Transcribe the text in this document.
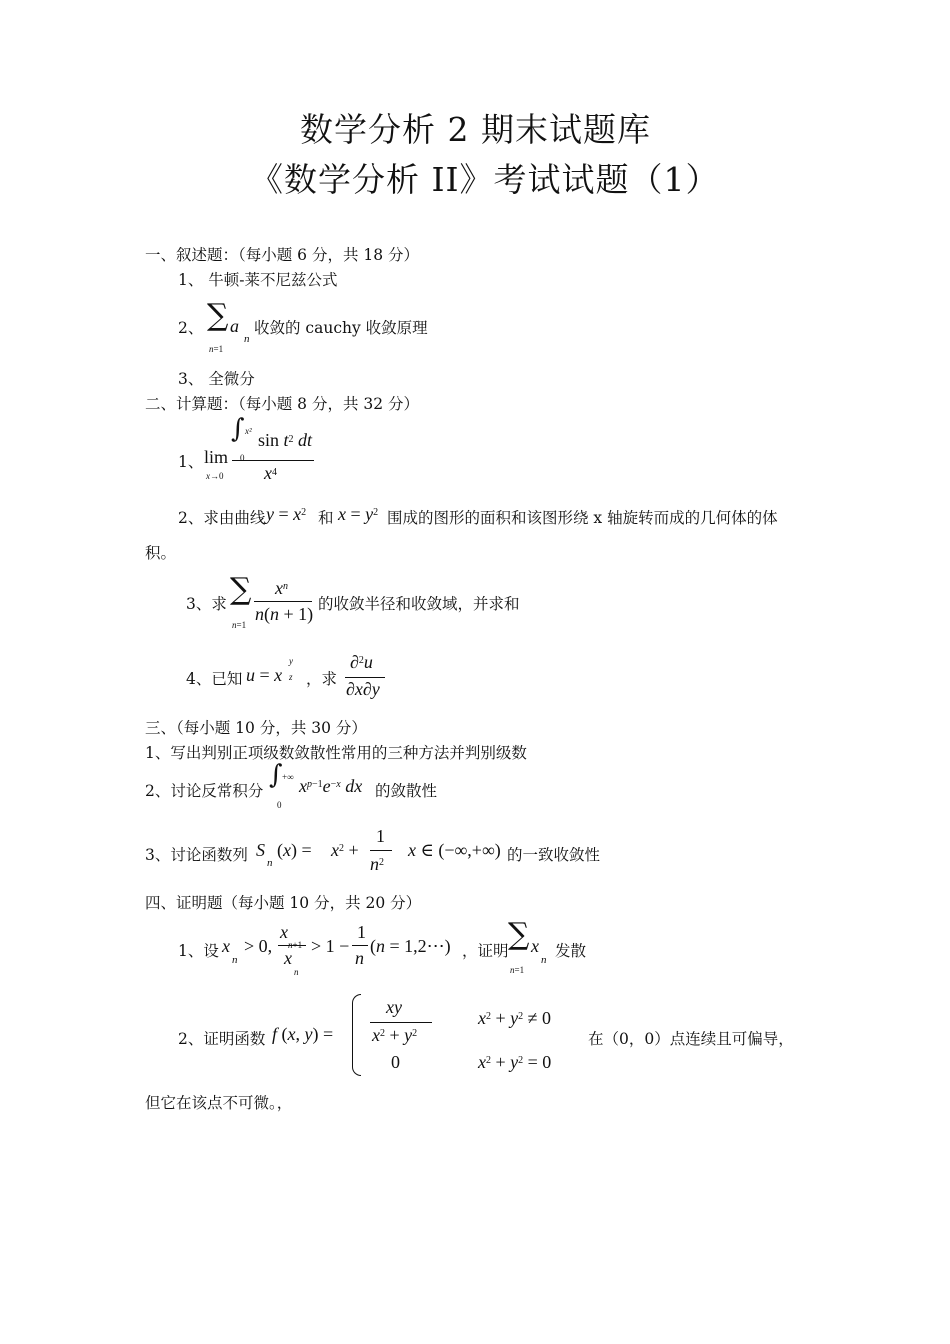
数学分析 2 期末试题库
《数学分析 II》考试试题（1）
一、叙述题：（每小题 6 分，共 18 分）
1、 牛顿-莱不尼兹公式
2、 ∑ a
n
n=1
收敛的 cauchy 收敛原理
3、 全微分
二、计算题：（每小题 8 分，共 32 分）
1、 lim
x→0
∫ x² $\sin t^2$ dt
0
$x^4$
2、求由曲线 $y = x^2$ 和 $x = y^2$ 围成的图形的面积和该图形绕 x 轴旋转而成的几何体的体
积。
3、求 ∑
n=1
$x^n$
n(n + 1) 的收敛半径和收敛域，并求和
4、已知 u = x
y
z ，求
∂$^2$u
∂x∂y
三、（每小题 10 分，共 30 分）
1、写出判别正项级数敛散性常用的三种方法并判别级数
2、讨论反常积分
∫ +∞
0
$x^{p-1}e^{-x}$ dx 的敛散性
3、讨论函数列 S
n
$(x) = x^2$ +
1
$n^2$
x ∈ (−∞,+∞) 的一致收敛性
四、证明题（每小题 10 分，共 20 分）
1、设 x
n
> 0,
x
n+1
x
n
> 1 −
1
n
(n = 1,2⋯) ，证明 ∑
n=1
x
n 发散
2、证明函数 f (x, y) =
xy
$x^2 + y^2$
0
$x^2 + y^2 \ne 0$
$x^2 + y^2 = 0$
在（0，0）点连续且可偏导，
但它在该点不可微。，
